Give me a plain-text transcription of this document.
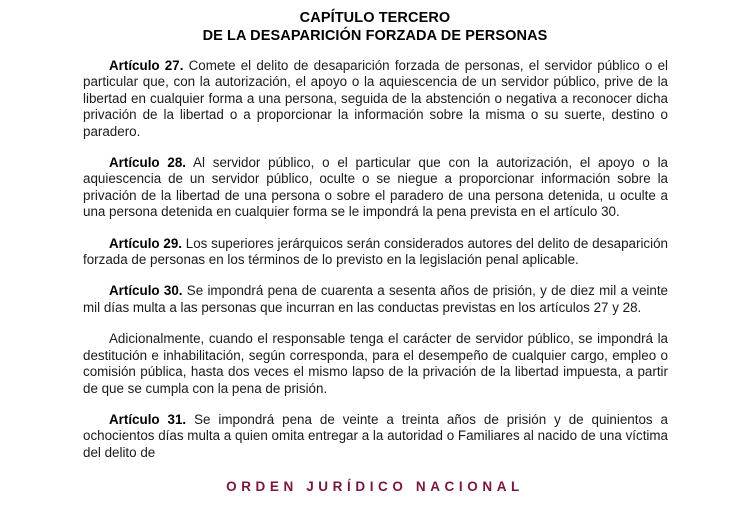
CAPÍTULO TERCERO
DE LA DESAPARICIÓN FORZADA DE PERSONAS

Artículo 27. Comete el delito de desaparición forzada de personas, el servidor público o el particular que, con la autorización, el apoyo o la aquiescencia de un servidor público, prive de la libertad en cualquier forma a una persona, seguida de la abstención o negativa a reconocer dicha privación de la libertad o a proporcionar la información sobre la misma o su suerte, destino o paradero.

Artículo 28. Al servidor público, o el particular que con la autorización, el apoyo o la aquiescencia de un servidor público, oculte o se niegue a proporcionar información sobre la privación de la libertad de una persona o sobre el paradero de una persona detenida, u oculte a una persona detenida en cualquier forma se le impondrá la pena prevista en el artículo 30.

Artículo 29. Los superiores jerárquicos serán considerados autores del delito de desaparición forzada de personas en los términos de lo previsto en la legislación penal aplicable.

Artículo 30. Se impondrá pena de cuarenta a sesenta años de prisión, y de diez mil a veinte mil días multa a las personas que incurran en las conductas previstas en los artículos 27 y 28.

Adicionalmente, cuando el responsable tenga el carácter de servidor público, se impondrá la destitución e inhabilitación, según corresponda, para el desempeño de cualquier cargo, empleo o comisión pública, hasta dos veces el mismo lapso de la privación de la libertad impuesta, a partir de que se cumpla con la pena de prisión.

Artículo 31. Se impondrá pena de veinte a treinta años de prisión y de quinientos a ochocientos días multa a quien omita entregar a la autoridad o Familiares al nacido de una víctima del delito de

ORDEN JURÍDICO NACIONAL
